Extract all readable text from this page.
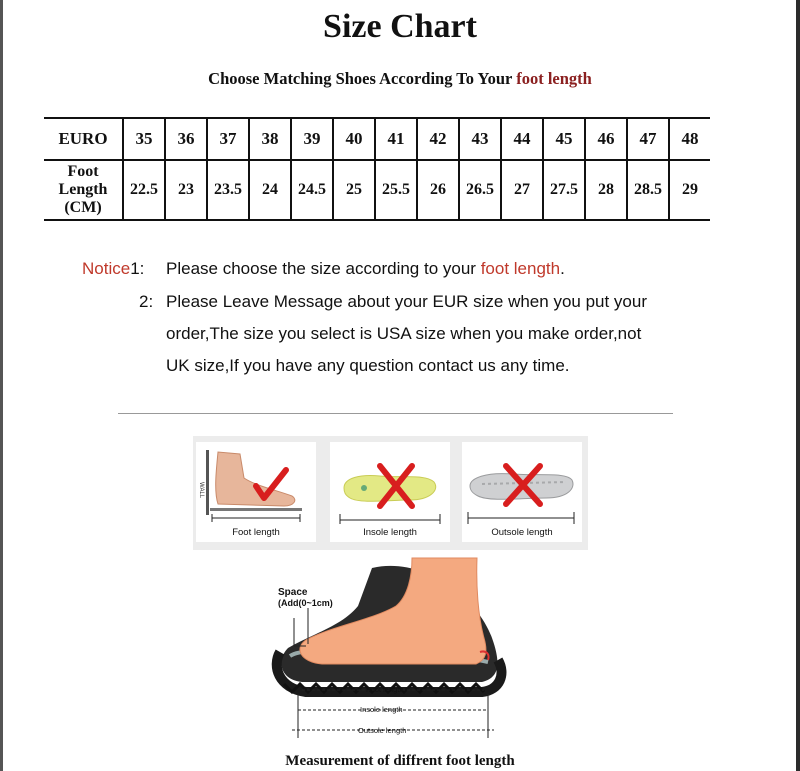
Size Chart
Choose Matching Shoes According To Your foot length
EURO	35	36	37	38	39	40	41	42	43	44	45	46	47	48

Foot
Length
(CM)	22.5	23	23.5	24	24.5	25	25.5	26	26.5	27	27.5	28	28.5	29
Notice1: Please choose the size according to your foot length.
2: Please Leave Message about your EUR size when you put your
order,The size you select is USA size when you make order,not
UK size,If you have any question contact us any time.
WALL
Foot length	Insole length	Outsole length
Space
(Add(0~1cm)
Foot length
Insole length
Outsole length
Measurement of diffrent foot length
